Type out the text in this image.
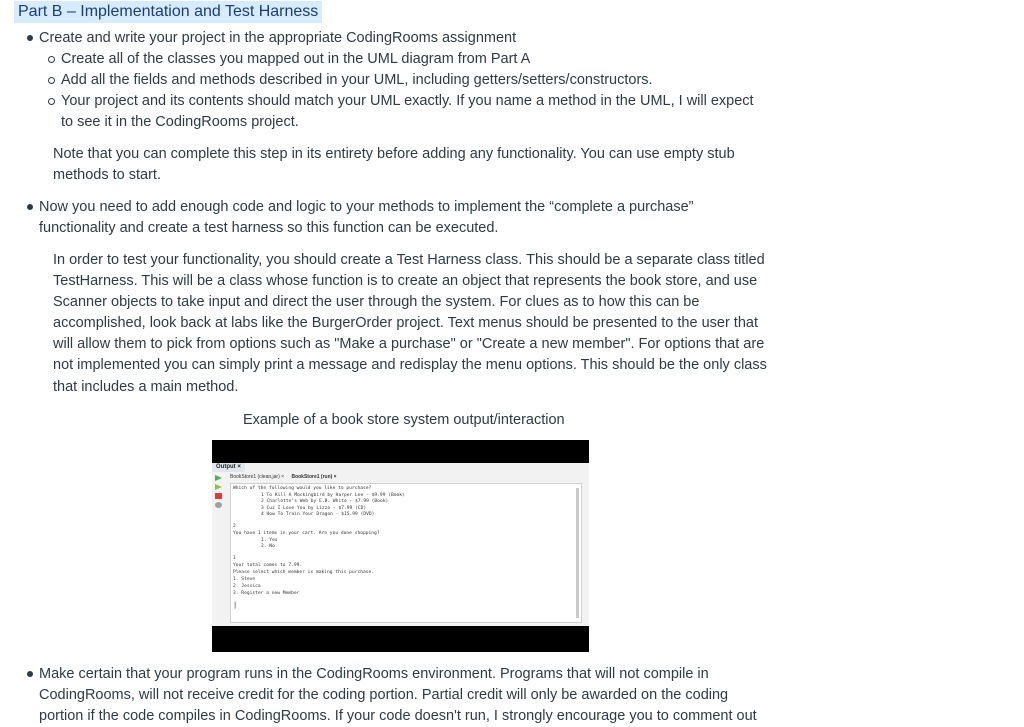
Part B – Implementation and Test Harness
Create and write your project in the appropriate CodingRooms assignment
Create all of the classes you mapped out in the UML diagram from Part A
Add all the fields and methods described in your UML, including getters/setters/constructors.
Your project and its contents should match your UML exactly. If you name a method in the UML, I will expect
to see it in the CodingRooms project.
Note that you can complete this step in its entirety before adding any functionality. You can use empty stub
methods to start.
Now you need to add enough code and logic to your methods to implement the “complete a purchase”
functionality and create a test harness so this function can be executed.
In order to test your functionality, you should create a Test Harness class. This should be a separate class titled
TestHarness. This will be a class whose function is to create an object that represents the book store, and use
Scanner objects to take input and direct the user through the system. For clues as to how this can be
accomplished, look back at labs like the BurgerOrder project. Text menus should be presented to the user that
will allow them to pick from options such as "Make a purchase" or "Create a new member". For options that are
not implemented you can simply print a message and redisplay the menu options. This should be the only class
that includes a main method.
Example of a book store system output/interaction
Output ×
BookStore1 (clean,jar) × BookStore1 (run) ×
Which of the following would you like to purchase?
1 To Kill A Mockingbird by Harper Lee - $9.99 (Book)
2 Charlotte's Web by E.B. White - $7.99 (Book)
3 Cuz I Love You by Lizzo - $7.99 (CD)
4 How To Train Your Dragon - $15.99 (DVD)
2
You have 1 items in your cart. Are you done shopping?
1. Yes
2. No
1
Your total comes to 7.99.
Please select which member is making this purchase.
1. Steve
2. Jessica
3. Register a new Member
|
Make certain that your program runs in the CodingRooms environment. Programs that will not compile in
CodingRooms, will not receive credit for the coding portion. Partial credit will only be awarded on the coding
portion if the code compiles in CodingRooms. If your code doesn't run, I strongly encourage you to comment out
